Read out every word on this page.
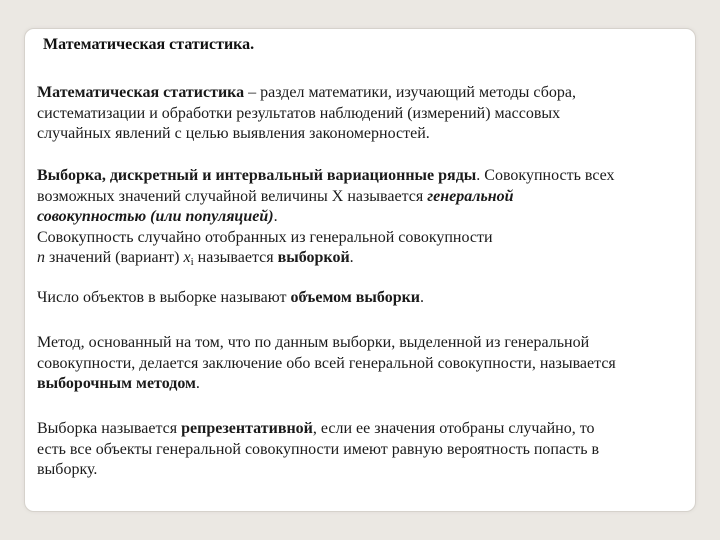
Математическая статистика.
Математическая статистика – раздел математики, изучающий методы сбора,
систематизации и обработки результатов наблюдений (измерений) массовых
случайных явлений с целью выявления закономерностей.
Выборка, дискретный и интервальный вариационные ряды. Совокупность всех
возможных значений случайной величины X называется генеральной
совокупностью (или популяцией).
Совокупность случайно отобранных из генеральной совокупности
n значений (вариант) $x_i$ называется выборкой.
Число объектов в выборке называют объемом выборки.
Метод, основанный на том, что по данным выборки, выделенной из генеральной
совокупности, делается заключение обо всей генеральной совокупности, называется
выборочным методом.
Выборка называется репрезентативной, если ее значения отобраны случайно, то
есть все объекты генеральной совокупности имеют равную вероятность попасть в
выборку.
